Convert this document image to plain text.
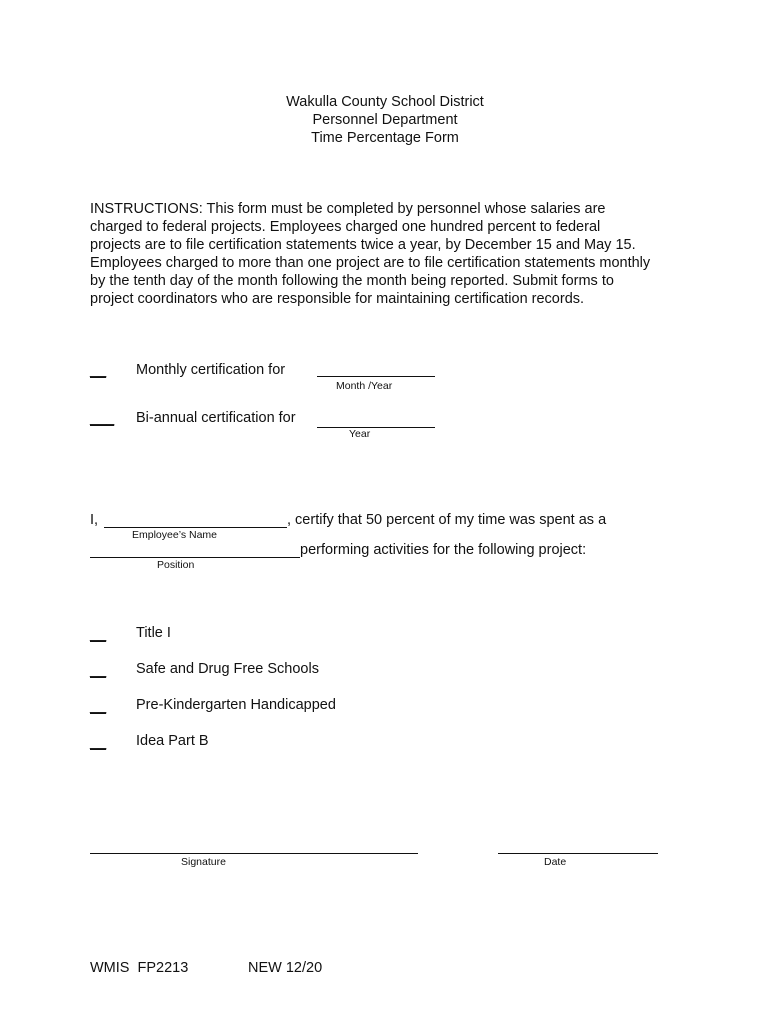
Wakulla County School District
Personnel Department
Time Percentage Form
INSTRUCTIONS: This form must be completed by personnel whose salaries are
charged to federal projects. Employees charged one hundred percent to federal
projects are to file certification statements twice a year, by December 15 and May 15.
Employees charged to more than one project are to file certification statements monthly
by the tenth day of the month following the month being reported. Submit forms to
project coordinators who are responsible for maintaining certification records.
__ Monthly certification for
Month /Year
___ Bi-annual certification for
Year
I,	, certify that 50 percent of my time was spent as a
Employee’s Name
performing activities for the following project:
Position
__ Title I
__ Safe and Drug Free Schools
__ Pre-Kindergarten Handicapped
__ Idea Part B
Signature	Date
WMIS  FP2213	NEW 12/20
